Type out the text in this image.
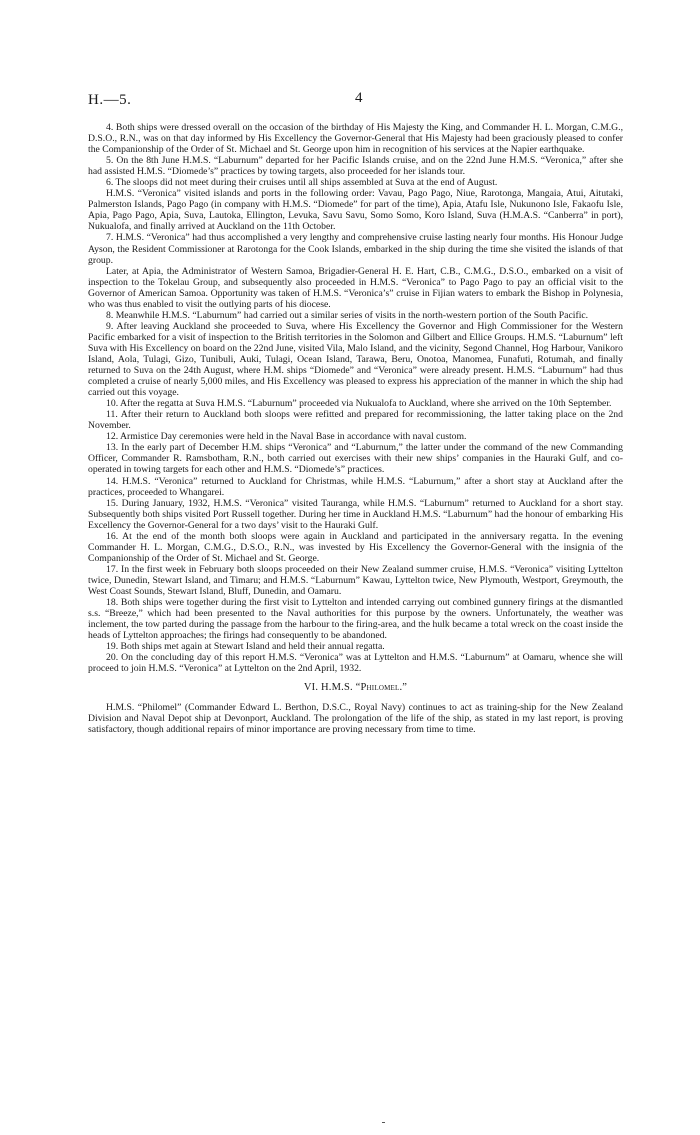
H.—5.	4

4. Both ships were dressed overall on the occasion of the birthday of His Majesty the King, and Commander H. L. Morgan, C.M.G., D.S.O., R.N., was on that day informed by His Excellency the Governor-General that His Majesty had been graciously pleased to confer the Companionship of the Order of St. Michael and St. George upon him in recognition of his services at the Napier earthquake.

5. On the 8th June H.M.S. “Laburnum” departed for her Pacific Islands cruise, and on the 22nd June H.M.S. “Veronica,” after she had assisted H.M.S. “Diomede’s” practices by towing targets, also proceeded for her islands tour.

6. The sloops did not meet during their cruises until all ships assembled at Suva at the end of August.

H.M.S. “Veronica” visited islands and ports in the following order: Vavau, Pago Pago, Niue, Rarotonga, Mangaia, Atui, Aitutaki, Palmerston Islands, Pago Pago (in company with H.M.S. “Diomede” for part of the time), Apia, Atafu Isle, Nukunono Isle, Fakaofu Isle, Apia, Pago Pago, Apia, Suva, Lautoka, Ellington, Levuka, Savu Savu, Somo Somo, Koro Island, Suva (H.M.A.S. “Canberra” in port), Nukualofa, and finally arrived at Auckland on the 11th October.

7. H.M.S. “Veronica” had thus accomplished a very lengthy and comprehensive cruise lasting nearly four months. His Honour Judge Ayson, the Resident Commissioner at Rarotonga for the Cook Islands, embarked in the ship during the time she visited the islands of that group.

Later, at Apia, the Administrator of Western Samoa, Brigadier-General H. E. Hart, C.B., C.M.G., D.S.O., embarked on a visit of inspection to the Tokelau Group, and subsequently also proceeded in H.M.S. “Veronica” to Pago Pago to pay an official visit to the Governor of American Samoa. Opportunity was taken of H.M.S. “Veronica’s” cruise in Fijian waters to embark the Bishop in Polynesia, who was thus enabled to visit the outlying parts of his diocese.

8. Meanwhile H.M.S. “Laburnum” had carried out a similar series of visits in the north-western portion of the South Pacific.

9. After leaving Auckland she proceeded to Suva, where His Excellency the Governor and High Commissioner for the Western Pacific embarked for a visit of inspection to the British territories in the Solomon and Gilbert and Ellice Groups. H.M.S. “Laburnum” left Suva with His Excellency on board on the 22nd June, visited Vila, Malo Island, and the vicinity, Segond Channel, Hog Harbour, Vanikoro Island, Aola, Tulagi, Gizo, Tunibuli, Auki, Tulagi, Ocean Island, Tarawa, Beru, Onotoa, Manomea, Funafuti, Rotumah, and finally returned to Suva on the 24th August, where H.M. ships “Diomede” and “Veronica” were already present. H.M.S. “Laburnum” had thus completed a cruise of nearly 5,000 miles, and His Excellency was pleased to express his appreciation of the manner in which the ship had carried out this voyage.

10. After the regatta at Suva H.M.S. “Laburnum” proceeded via Nukualofa to Auckland, where she arrived on the 10th September.

11. After their return to Auckland both sloops were refitted and prepared for recommissioning, the latter taking place on the 2nd November.

12. Armistice Day ceremonies were held in the Naval Base in accordance with naval custom.

13. In the early part of December H.M. ships “Veronica” and “Laburnum,” the latter under the command of the new Commanding Officer, Commander R. Ramsbotham, R.N., both carried out exercises with their new ships’ companies in the Hauraki Gulf, and co-operated in towing targets for each other and H.M.S. “Diomede’s” practices.

14. H.M.S. “Veronica” returned to Auckland for Christmas, while H.M.S. “Laburnum,” after a short stay at Auckland after the practices, proceeded to Whangarei.

15. During January, 1932, H.M.S. “Veronica” visited Tauranga, while H.M.S. “Laburnum” returned to Auckland for a short stay. Subsequently both ships visited Port Russell together. During her time in Auckland H.M.S. “Laburnum” had the honour of embarking His Excellency the Governor-General for a two days’ visit to the Hauraki Gulf.

16. At the end of the month both sloops were again in Auckland and participated in the anniversary regatta. In the evening Commander H. L. Morgan, C.M.G., D.S.O., R.N., was invested by His Excellency the Governor-General with the insignia of the Companionship of the Order of St. Michael and St. George.

17. In the first week in February both sloops proceeded on their New Zealand summer cruise, H.M.S. “Veronica” visiting Lyttelton twice, Dunedin, Stewart Island, and Timaru; and H.M.S. “Laburnum” Kawau, Lyttelton twice, New Plymouth, Westport, Greymouth, the West Coast Sounds, Stewart Island, Bluff, Dunedin, and Oamaru.

18. Both ships were together during the first visit to Lyttelton and intended carrying out combined gunnery firings at the dismantled s.s. “Breeze,” which had been presented to the Naval authorities for this purpose by the owners. Unfortunately, the weather was inclement, the tow parted during the passage from the harbour to the firing-area, and the hulk became a total wreck on the coast inside the heads of Lyttelton approaches; the firings had consequently to be abandoned.

19. Both ships met again at Stewart Island and held their annual regatta.

20. On the concluding day of this report H.M.S. “Veronica” was at Lyttelton and H.M.S. “Laburnum” at Oamaru, whence she will proceed to join H.M.S. “Veronica” at Lyttelton on the 2nd April, 1932.

VI. H.M.S. “Philomel.”

H.M.S. “Philomel” (Commander Edward L. Berthon, D.S.C., Royal Navy) continues to act as training-ship for the New Zealand Division and Naval Depot ship at Devonport, Auckland. The prolongation of the life of the ship, as stated in my last report, is proving satisfactory, though additional repairs of minor importance are proving necessary from time to time.
